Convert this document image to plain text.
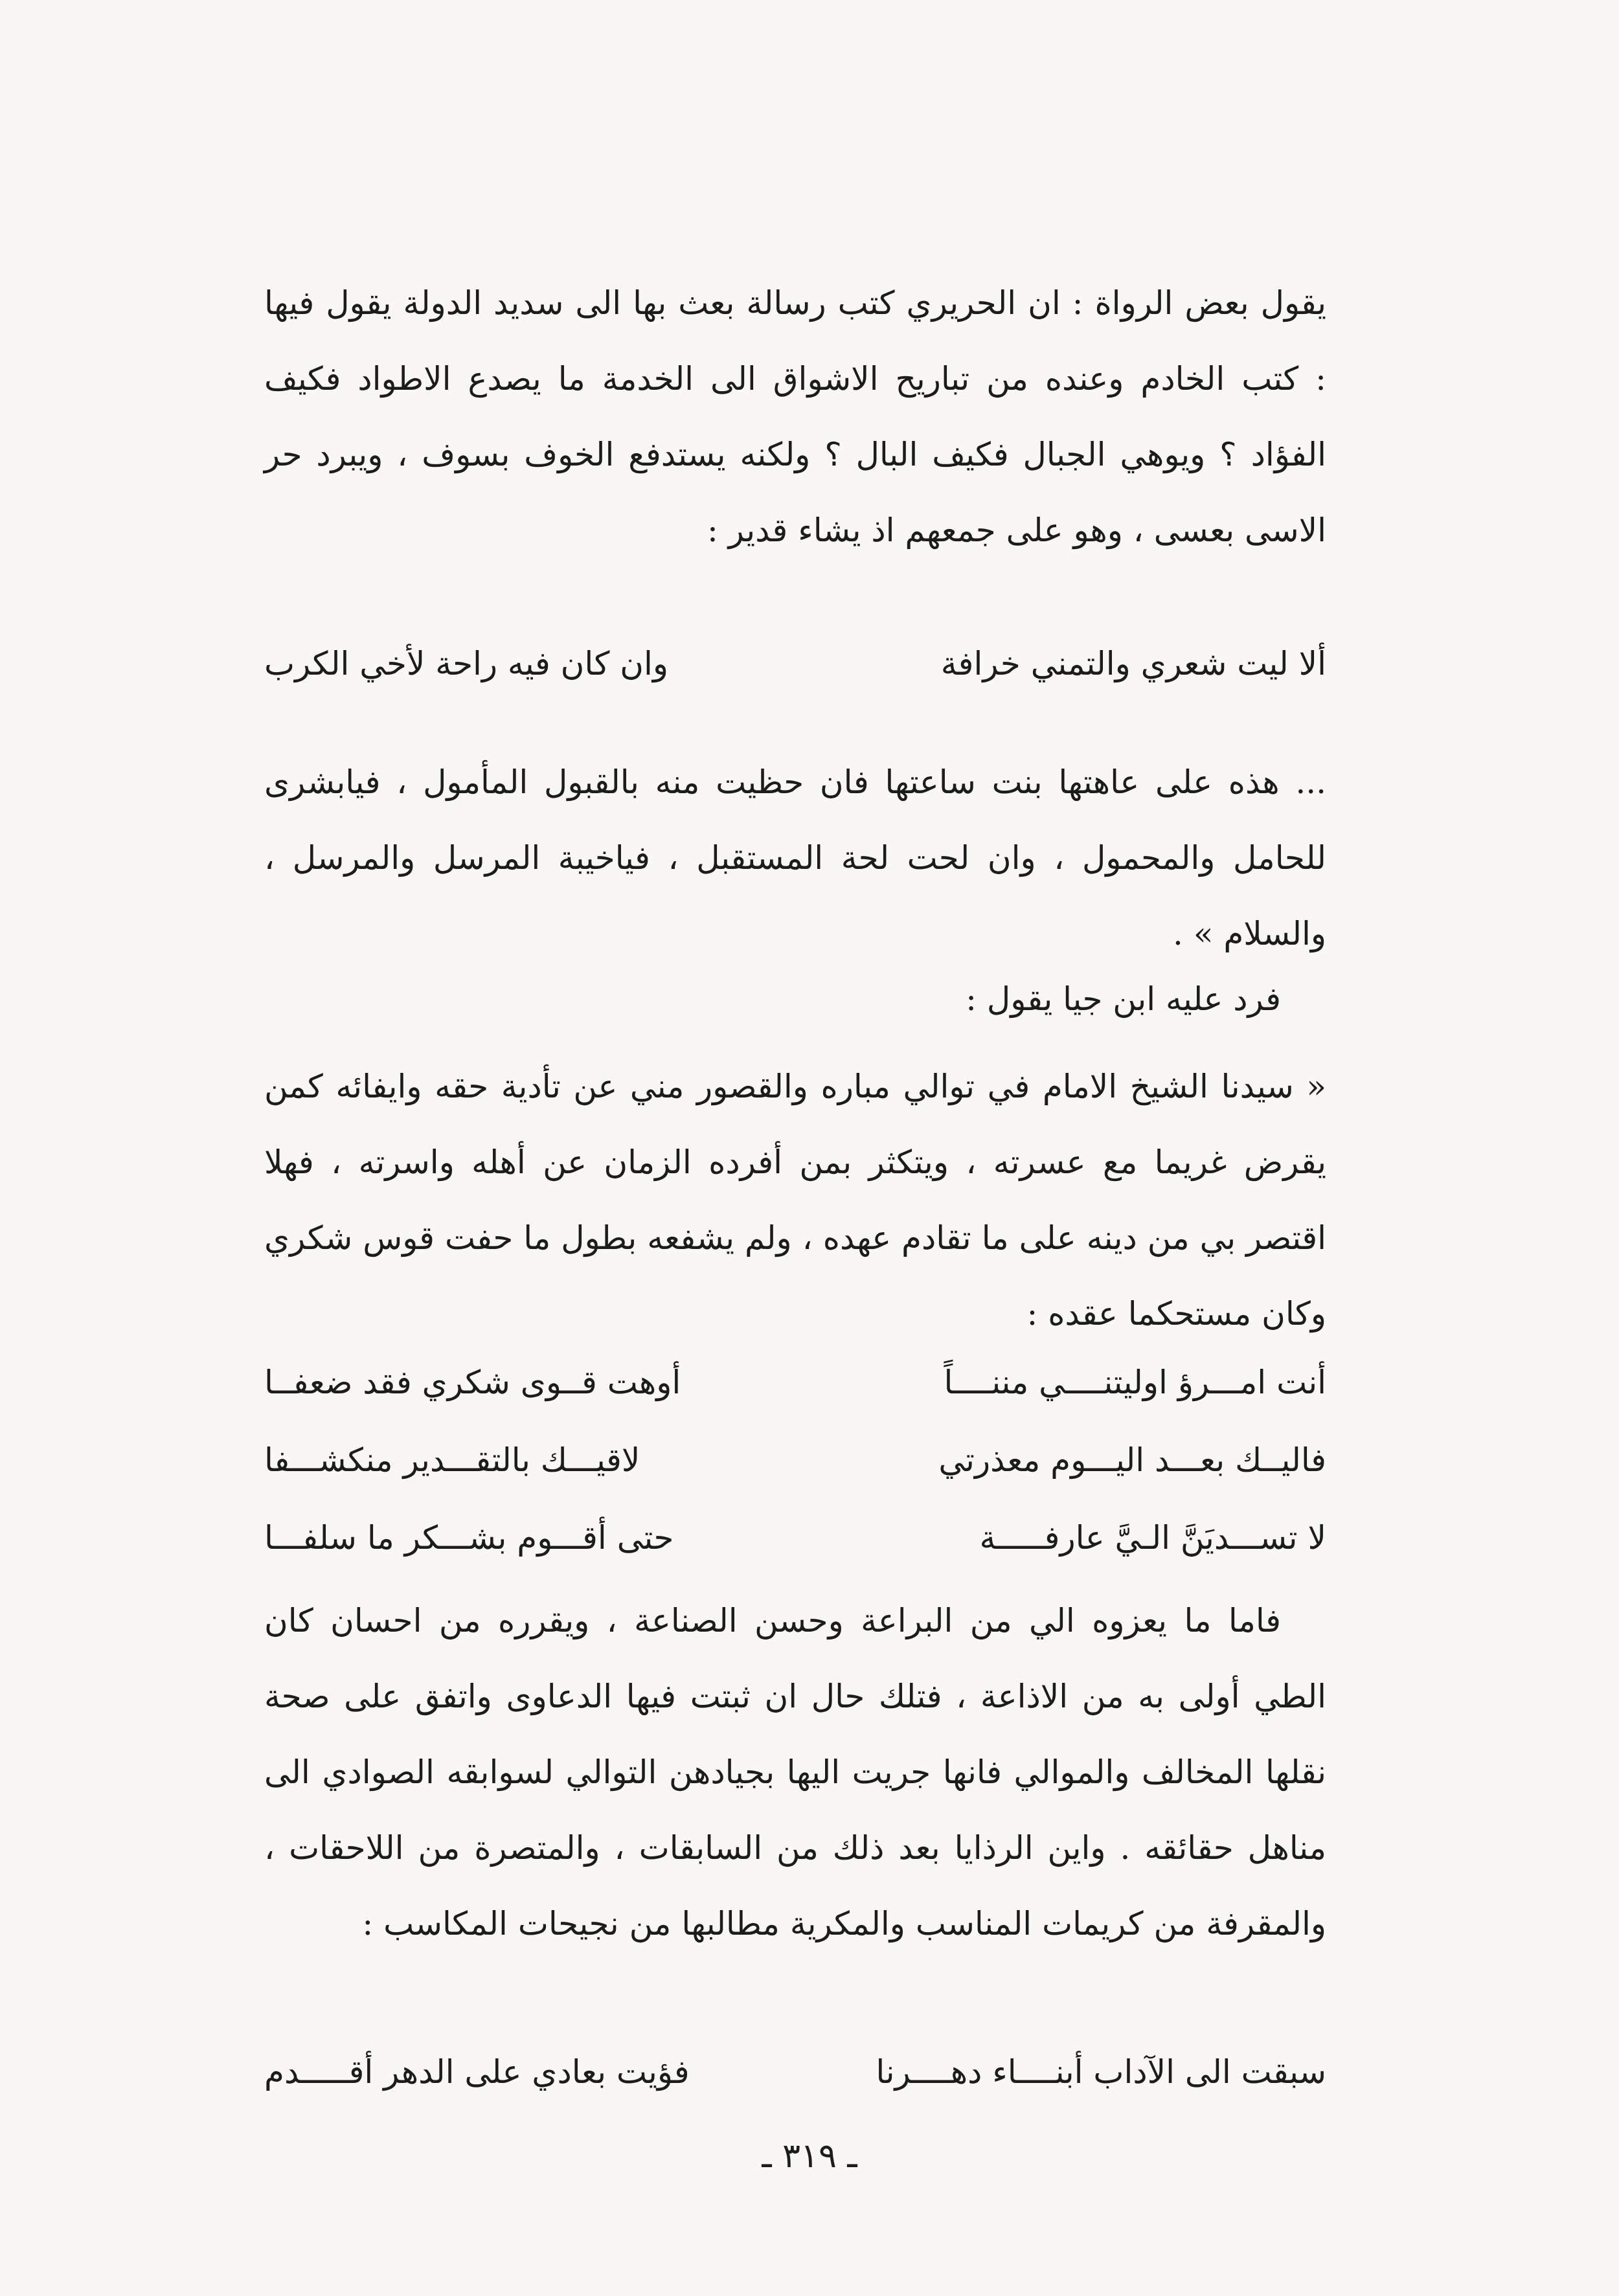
يقول بعض الرواة : ان الحريري كتب رسالة بعث بها الى سديد الدولة يقول فيها : كتب الخادم وعنده من تباريح الاشواق الى الخدمة ما يصدع الاطواد فكيف الفؤاد ؟ ويوهي الجبال فكيف البال ؟ ولكنه يستدفع الخوف بسوف ، ويبرد حر الاسى بعسى ، وهو على جمعهم اذ يشاء قدير :

ألا ليت شعري والتمني خرافة
وان كان فيه راحة لأخي الكرب

... هذه على عاهتها بنت ساعتها فان حظيت منه بالقبول المأمول ، فيابشرى للحامل والمحمول ، وان لحت لحة المستقبل ، فياخيبة المرسل والمرسل ، والسلام » .

فرد عليه ابن جيا يقول :

« سيدنا الشيخ الامام في توالي مباره والقصور مني عن تأدية حقه وايفائه كمن يقرض غريما مع عسرته ، ويتكثر بمن أفرده الزمان عن أهله واسرته ، فهلا اقتصر بي من دينه على ما تقادم عهده ، ولم يشفعه بطول ما حفت قوس شكري وكان مستحكما عقده :

أنت امـــرؤ اوليتنــــي مننــــاً
أوهت قــوى شكري فقد ضعفــا
فاليــك بعـــد اليـــوم معذرتي
لاقيـــك بالتقـــدير منكشـــفا
لا تســـديَنَّ الـيَّ عارفـــــة
حتى أقـــوم بشـــكر ما سلفـــا

فاما ما يعزوه الي من البراعة وحسن الصناعة ، ويقرره من احسان كان الطي أولى به من الاذاعة ، فتلك حال ان ثبتت فيها الدعاوى واتفق على صحة نقلها المخالف والموالي فانها جريت اليها بجيادهن التوالي لسوابقه الصوادي الى مناهل حقائقه . واين الرذايا بعد ذلك من السابقات ، والمتصرة من اللاحقات ، والمقرفة من كريمات المناسب والمكرية مطالبها من نجيحات المكاسب :

سبقت الى الآداب أبنــــاء دهــــرنا
فؤيت بعادي على الدهر أقـــــدم
ـ ٣١٩ ـ
